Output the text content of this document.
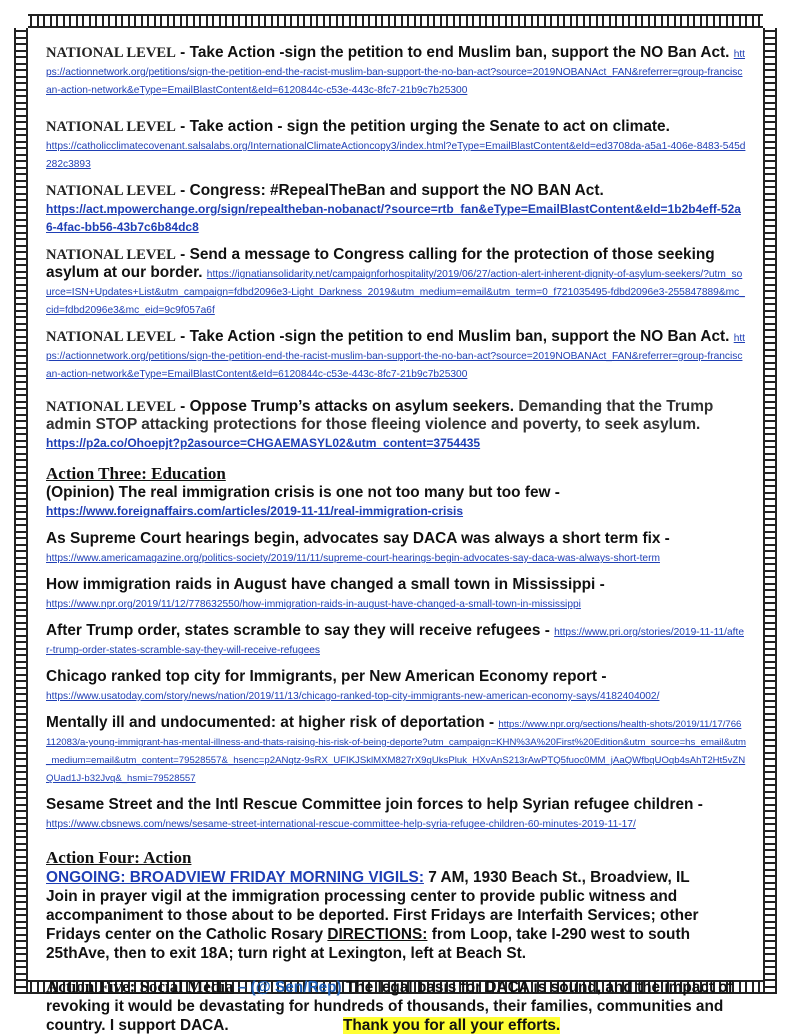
NATIONAL LEVEL - Take Action -sign the petition to end Muslim ban, support the NO Ban Act. https://actionnetwork.org/petitions/sign-the-petition-end-the-racist-muslim-ban-support-the-no-ban-act?source=2019NOBANAct_FAN&referrer=group-franciscan-action-network&eType=EmailBlastContent&eId=6120844c-c53e-443c-8fc7-21b9c7b25300
NATIONAL LEVEL - Take action - sign the petition urging the Senate to act on climate.
https://catholicclimatecovenant.salsalabs.org/InternationalClimateActioncopy3/index.html?eType=EmailBlastContent&eId=ed3708da-a5a1-406e-8483-545d282c3893
NATIONAL LEVEL - Congress: #RepealTheBan and support the NO BAN Act.
https://act.mpowerchange.org/sign/repealtheban-nobanact/?source=rtb_fan&eType=EmailBlastContent&eId=1b2b4eff-52a6-4fac-bb56-43b7c6b84dc8
NATIONAL LEVEL - Send a message to Congress calling for the protection of those seeking asylum at our border. https://ignatiansolidarity.net/campaignforhospitality/2019/06/27/action-alert-inherent-dignity-of-asylum-seekers/?utm_source=ISN+Updates+List&utm_campaign=fdbd2096e3-Light_Darkness_2019&utm_medium=email&utm_term=0_f721035495-fdbd2096e3-255847889&mc_cid=fdbd2096e3&mc_eid=9c9f057a6f
NATIONAL LEVEL - Take Action -sign the petition to end Muslim ban, support the NO Ban Act. https://actionnetwork.org/petitions/sign-the-petition-end-the-racist-muslim-ban-support-the-no-ban-act?source=2019NOBANAct_FAN&referrer=group-franciscan-action-network&eType=EmailBlastContent&eId=6120844c-c53e-443c-8fc7-21b9c7b25300
NATIONAL LEVEL - Oppose Trump’s attacks on asylum seekers. Demanding that the Trump admin STOP attacking protections for those fleeing violence and poverty, to seek asylum.
https://p2a.co/Ohoepjt?p2asource=CHGAEMASYL02&utm_content=3754435
Action Three: Education
(Opinion) The real immigration crisis is one not too many but too few -
https://www.foreignaffairs.com/articles/2019-11-11/real-immigration-crisis
As Supreme Court hearings begin, advocates say DACA was always a short term fix -
https://www.americamagazine.org/politics-society/2019/11/11/supreme-court-hearings-begin-advocates-say-daca-was-always-short-term
How immigration raids in August have changed a small town in Mississippi -
https://www.npr.org/2019/11/12/778632550/how-immigration-raids-in-august-have-changed-a-small-town-in-mississippi
After Trump order, states scramble to say they will receive refugees - https://www.pri.org/stories/2019-11-11/after-trump-order-states-scramble-say-they-will-receive-refugees
Chicago ranked top city for Immigrants, per New American Economy report -
https://www.usatoday.com/story/news/nation/2019/11/13/chicago-ranked-top-city-immigrants-new-american-economy-says/4182404002/
Mentally ill and undocumented: at higher risk of deportation - https://www.npr.org/sections/health-shots/2019/11/17/766112083/a-young-immigrant-has-mental-illness-and-thats-raising-his-risk-of-being-deporte?utm_campaign=KHN%3A%20First%20Edition&utm_source=hs_email&utm_medium=email&utm_content=79528557&_hsenc=p2ANqtz-9sRX_UFIKJSklMXM827rX9qUksPluk_HXvAnS213rAwPTQ5fuoc0MM_jAaQWfbqUOqb4sAhT2Ht5vZNQUad1J-b32Jvq&_hsmi=79528557
Sesame Street and the Intl Rescue Committee join forces to help Syrian refugee children -
https://www.cbsnews.com/news/sesame-street-international-rescue-committee-help-syria-refugee-children-60-minutes-2019-11-17/
Action Four: Action
ONGOING: BROADVIEW FRIDAY MORNING VIGILS: 7 AM, 1930 Beach St., Broadview, IL
Join in prayer vigil at the immigration processing center to provide public witness and accompaniment to those about to be deported. First Fridays are Interfaith Services; other Fridays center on the Catholic Rosary DIRECTIONS: from Loop, take I-290 west to south 25thAve, then to exit 18A; turn right at Lexington, left at Beach St.
Action Five: Social Media – (@ Sen/Rep) The legal basis for DACA is sound, and the impact of revoking it would be devastating for hundreds of thousands, their families, communities and country. I support DACA.	Thank you for all your efforts.
